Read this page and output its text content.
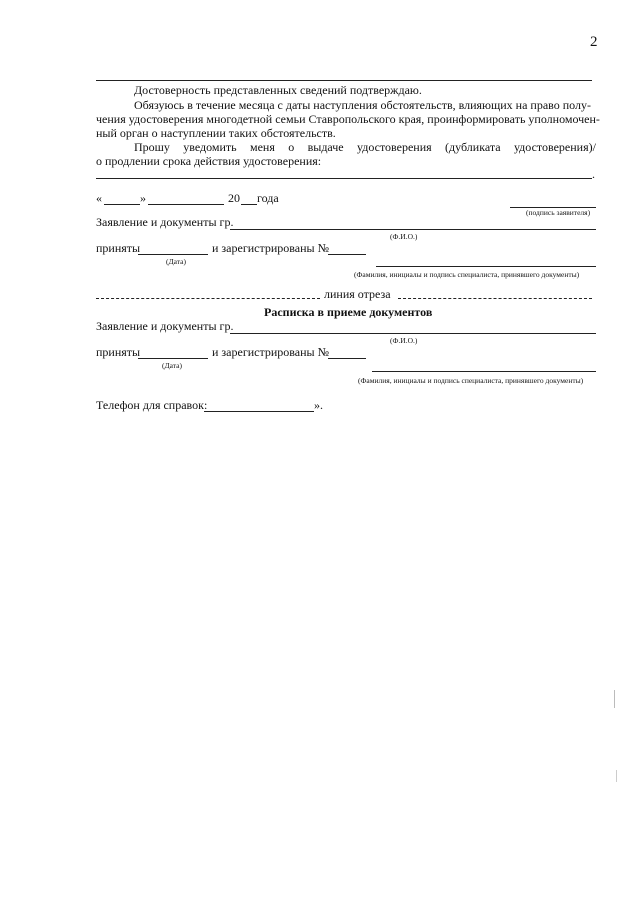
2
Достоверность представленных сведений подтверждаю.
Обязуюсь в течение месяца с даты наступления обстоятельств, влияющих на право полу-
чения удостоверения многодетной семьи Ставропольского края, проинформировать уполномочен-
ный орган о наступлении таких обстоятельств.
Прошу уведомить меня о выдаче удостоверения (дубликата удостоверения)/
о продлении срока действия удостоверения:
.
«	»	20 года
(подпись заявителя)
Заявление и документы гр.
(Ф.И.О.)
приняты	и зарегистрированы №
(Дата)
(Фамилия, инициалы и подпись специалиста, принявшего документы)
линия отреза
Расписка в приеме документов
Заявление и документы гр.
(Ф.И.О.)
приняты	и зарегистрированы №
(Дата)
(Фамилия, инициалы и подпись специалиста, принявшего документы)
Телефон для справок:	».
